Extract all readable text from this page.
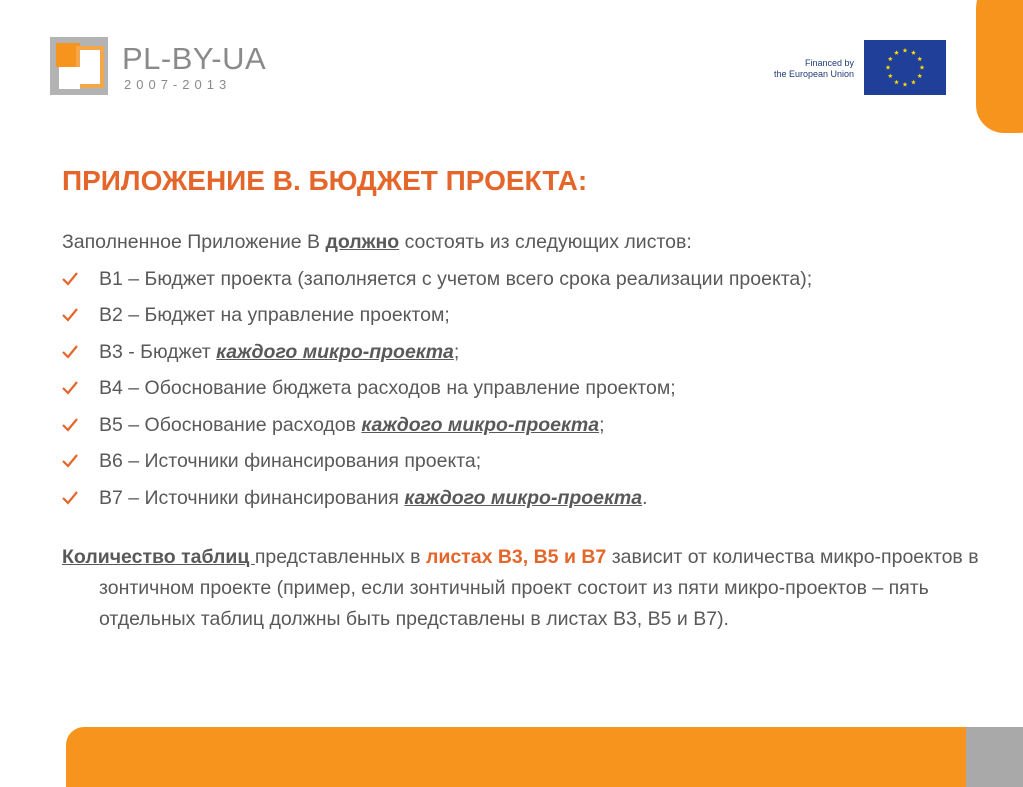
PL-BY-UA
2007-2013
Financed by
the European Union
ПРИЛОЖЕНИЕ В. БЮДЖЕТ ПРОЕКТА:

Заполненное Приложение В должно состоять из следующих листов:

В1 – Бюджет проекта (заполняется с учетом всего срока реализации проекта);
В2 – Бюджет на управление проектом;
В3 - Бюджет каждого микро-проекта;
В4 – Обоснование бюджета расходов на управление проектом;
В5 – Обоснование расходов каждого микро-проекта;
В6 – Источники финансирования проекта;
В7 – Источники финансирования каждого микро-проекта.

Количество таблиц представленных в листах В3, В5 и В7 зависит от количества микро-проектов в зонтичном проекте (пример, если зонтичный проект состоит из пяти микро-проектов – пять отдельных таблиц должны быть представлены в листах В3, В5 и В7).
